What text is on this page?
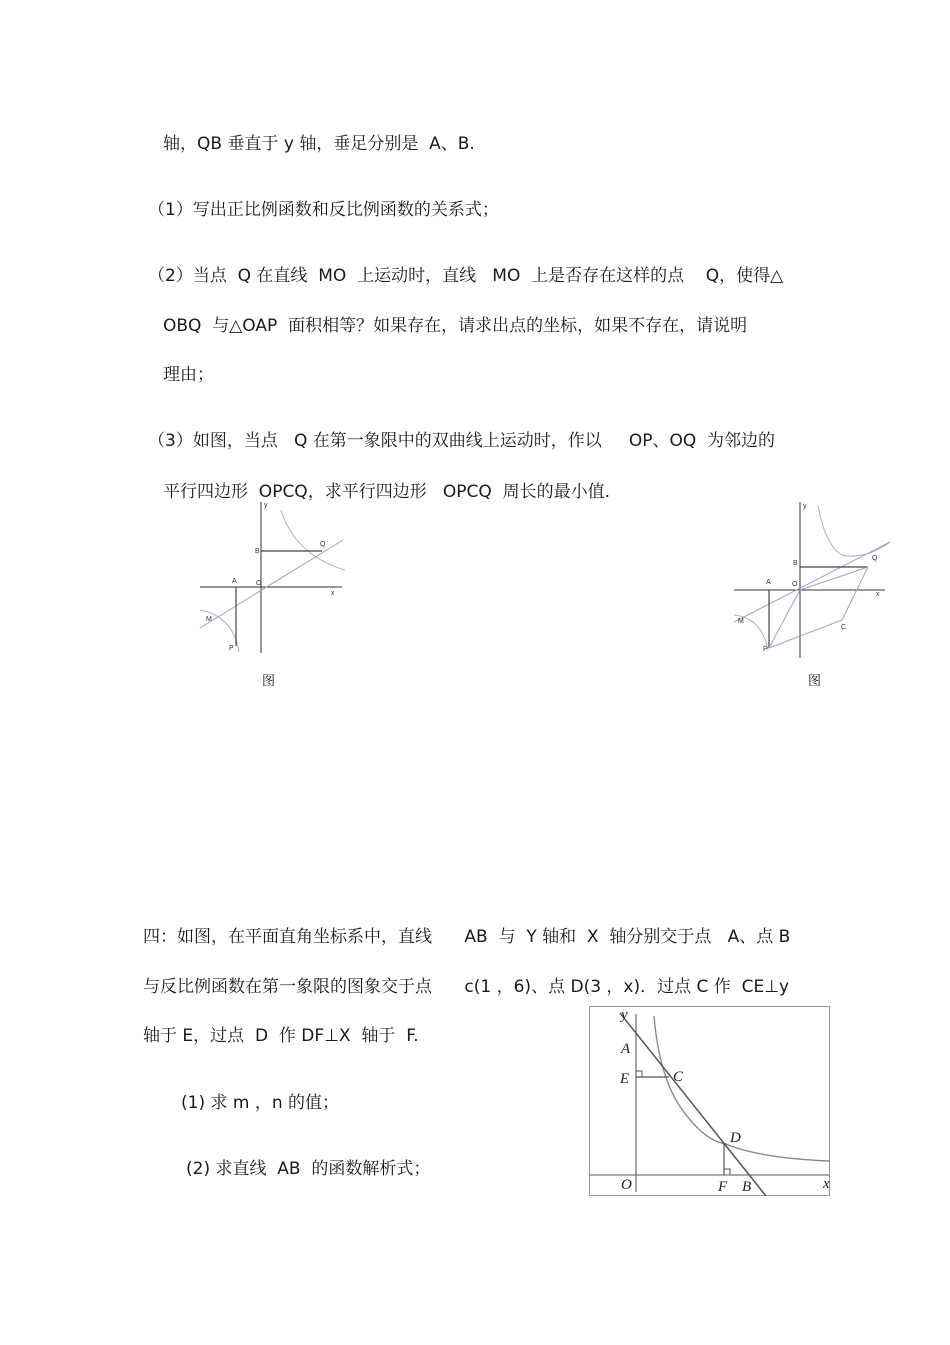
轴，QB 垂直于 y 轴，垂足分别是  A、B.
（1）写出正比例函数和反比例函数的关系式；
（2）当点  Q 在直线  MO  上运动时，直线   MO  上是否存在这样的点    Q，使得△
OBQ  与△OAP  面积相等？如果存在，请求出点的坐标，如果不存在，请说明
理由；
（3）如图，当点   Q 在第一象限中的双曲线上运动时，作以     OP、OQ  为邻边的
平行四边形  OPCQ，求平行四边形   OPCQ  周长的最小值.
y
B
Q
A	O
x
M
P
图
y
B
Q
A	O
x
M
C
P
图
四：如图，在平面直角坐标系中，直线      AB  与  Y 轴和  X  轴分别交于点   A、点 B
与反比例函数在第一象限的图象交于点      c(1 ，6)、点 D(3 ，x)．过点 C 作  CE⊥y
轴于 E，过点  D  作 DF⊥X  轴于  F.
(1) 求 m ，n 的值；
(2) 求直线  AB  的函数解析式；
y
A
E	C
D
O	F B	x
